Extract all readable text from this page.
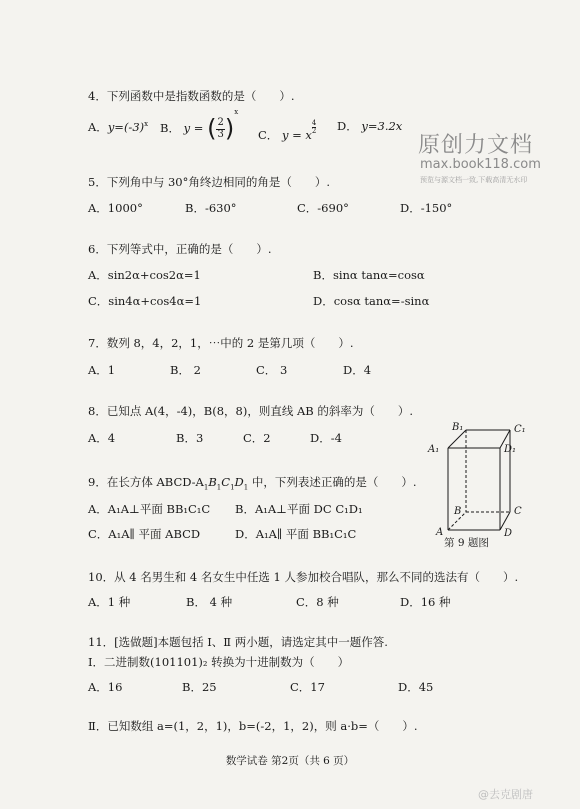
原创力文档
max.book118.com
预览与源文档一致,下载高清无水印
4．下列函数中是指数函数的是（　　）.
A．$y=(-3)^x$ B． y = ( $\frac{2}{3})^x$
C． y = x $\frac{4}{2}$ D． y=3.2x
5．下列角中与 30°角终边相同的角是（　　）.
A．1000°	B．-630°	C．-690°	D．-150°
6．下列等式中，正确的是（　　）.
A．sin2α+cos2α=1	B．sinα tanα=cosα
C．sin4α+cos4α=1	D．cosα tanα=-sinα
7．数列 8，4，2，1，⋯中的 2 是第几项（　　）.
A．1	B． 2	C． 3	D．4
8．已知点 A(4，-4)，B(8，8)，则直线 AB 的斜率为（　　）.
A．4	B．3	C．2	D．-4
9．在长方体 ABCD-$A_1B_1C_1D_1$ 中，下列表述正确的是（　　）.
A．A₁A⊥平面 BB₁C₁C B．A₁A⊥平面 DC C₁D₁
C．A₁A∥ 平面 ABCD	D．A₁A∥ 平面 BB₁C₁C
B₁	C₁
A₁	D₁
B	C
A	D
第 9 题图
10．从 4 名男生和 4 名女生中任选 1 人参加校合唱队，那么不同的选法有（　　）.
A．1 种	B． 4 种	C．8 种	D．16 种
11．[选做题]本题包括 Ⅰ、Ⅱ 两小题，请选定其中一题作答.
Ⅰ．二进制数(101101)₂ 转换为十进制数为（　　）
A．16	B．25	C．17	D．45
Ⅱ．已知数组 a=(1，2，1)，b=(-2，1，2)，则 a·b=（　　）.
数学试卷 第2页（共 6 页）
@去克剧唐
